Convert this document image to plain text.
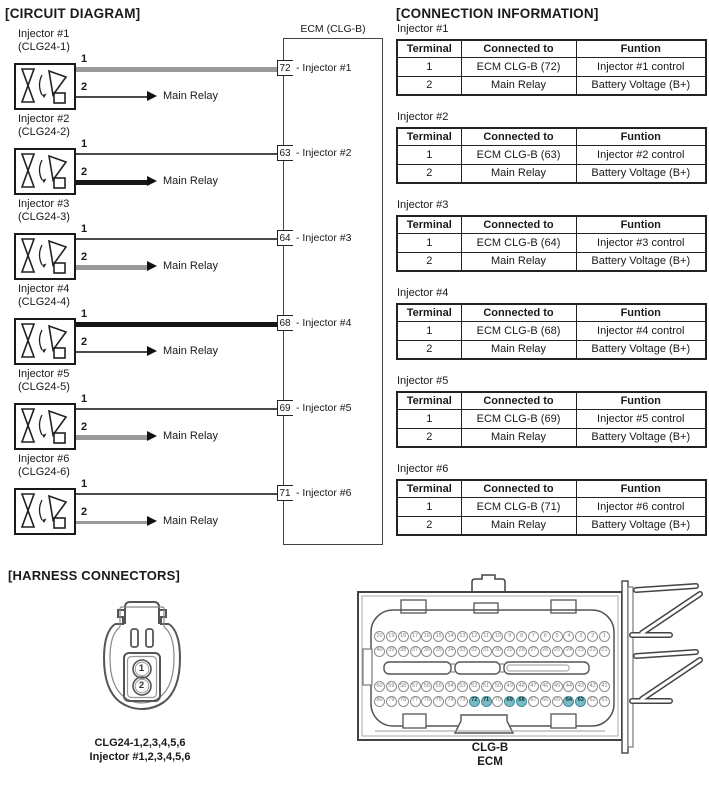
[CIRCUIT DIAGRAM]	[CONNECTION INFORMATION]
[HARNESS CONNECTORS]
ECM (CLG-B)
Injector #1
(CLG24-1)
1
2
Main Relay
72 - Injector #1
Injector #2
(CLG24-2)
1
2
Main Relay
63 - Injector #2
Injector #3
(CLG24-3)
1
2
Main Relay
64 - Injector #3
Injector #4
(CLG24-4)
1
2
Main Relay
68 - Injector #4
Injector #5
(CLG24-5)
1
2
Main Relay
69 - Injector #5
Injector #6
(CLG24-6)
1
2
Main Relay
71 - Injector #6
Injector #1
Terminal	Connected to	Funtion
1	ECM CLG-B (72)	Injector #1 control
2	Main Relay	Battery Voltage (B+)
Injector #2
Terminal	Connected to	Funtion
1	ECM CLG-B (63)	Injector #2 control
2	Main Relay	Battery Voltage (B+)
Injector #3
Terminal	Connected to	Funtion
1	ECM CLG-B (64)	Injector #3 control
2	Main Relay	Battery Voltage (B+)
Injector #4
Terminal	Connected to	Funtion
1	ECM CLG-B (68)	Injector #4 control
2	Main Relay	Battery Voltage (B+)
Injector #5
Terminal	Connected to	Funtion
1	ECM CLG-B (69)	Injector #5 control
2	Main Relay	Battery Voltage (B+)
Injector #6
Terminal	Connected to	Funtion
1	ECM CLG-B (71)	Injector #6 control
2	Main Relay	Battery Voltage (B+)
1
2
CLG24-1,2,3,4,5,6
Injector #1,2,3,4,5,6
20	19	18	17	16	15	14	13	12	11	10	9	8	7	6	5	4	3	2	1
40	39	38	37	36	35	34	33	32	31	30	29	28	27	26	25	24	23	22	21
60	59	58	57	56	55	54	53	52	51	50	49	48	47	46	45	44	43	42	41
80	79	78	77	76	75	74	73	72	71	70	69	68	67	66	65	64	63	62	61
CLG-B
ECM
